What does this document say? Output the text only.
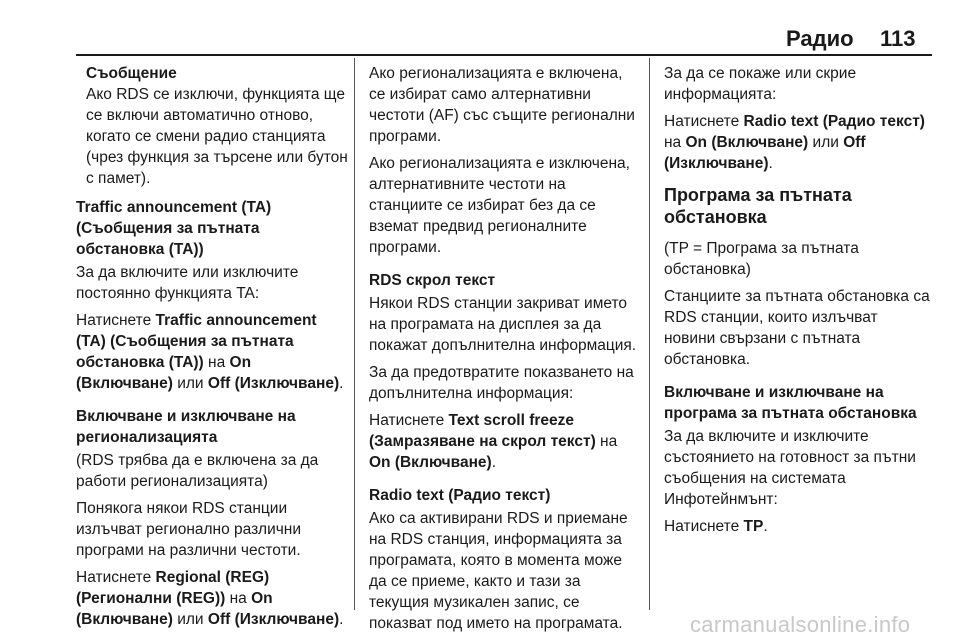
Радио 113

Съобщение

Ако RDS се изключи, функцията ще се включи автоматично отново, когато се смени радио станцията (чрез функция за търсене или бутон с памет).

Traffic announcement (TA) (Съобщения за пътната обстановка (TA))

За да включите или изключите постоянно функцията TA:

Натиснете Traffic announcement (TA) (Съобщения за пътната обстановка (TA)) на On (Включване) или Off (Изключване).

Включване и изключване на регионализацията

(RDS трябва да е включена за да работи регионализацията)

Понякога някои RDS станции излъчват регионално различни програми на различни честоти.

Натиснете Regional (REG) (Регионални (REG)) на On (Включване) или Off (Изключване).

Ако регионализацията е включена, се избират само алтернативни честоти (AF) със същите регионални програми.

Ако регионализацията е изключена, алтернативните честоти на станциите се избират без да се вземат предвид регионалните програми.

RDS скрол текст

Някои RDS станции закриват името на програмата на дисплея за да покажат допълнителна информация.

За да предотвратите показването на допълнителна информация:

Натиснете Text scroll freeze (Замразяване на скрол текст) на On (Включване).

Radio text (Радио текст)

Ако са активирани RDS и приемане на RDS станция, информацията за програмата, която в момента може да се приеме, както и тази за текущия музикален запис, се показват под името на програмата.

За да се покаже или скрие информацията:

Натиснете Radio text (Радио текст) на On (Включване) или Off (Изключване).

Програма за пътната обстановка

(TP = Програма за пътната обстановка)

Станциите за пътната обстановка са RDS станции, които излъчват новини свързани с пътната обстановка.

Включване и изключване на програма за пътната обстановка

За да включите и изключите състоянието на готовност за пътни съобщения на системата Инфотейнмънт:

Натиснете TP.

carmanualsonline.info
